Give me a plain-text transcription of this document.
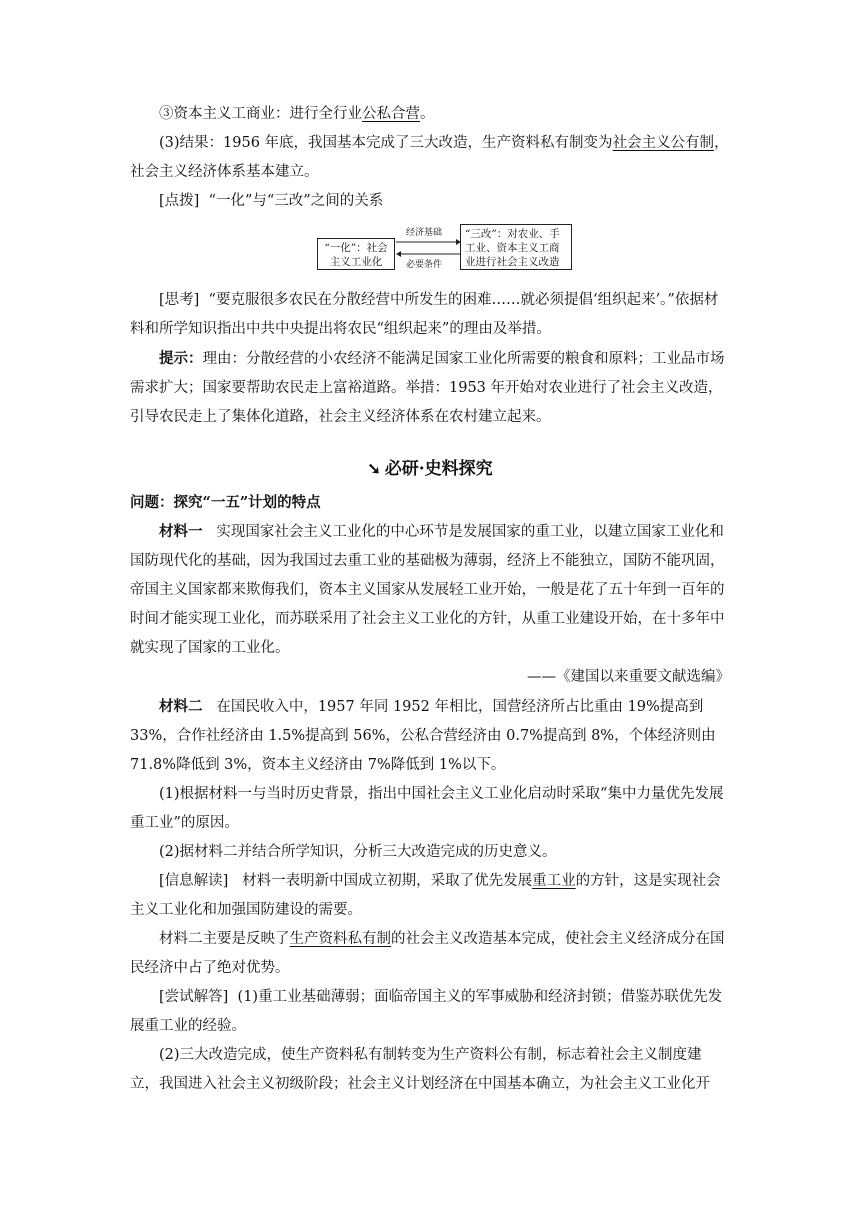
③资本主义工商业：进行全行业公私合营。

(3)结果：1956 年底，我国基本完成了三大改造，生产资料私有制变为社会主义公有制，社会主义经济体系基本建立。

[点拨] “一化”与“三改”之间的关系

“一化”：社会主义工业化
“三改”：对农业、手工业、资本主义工商业进行社会主义改造
经济基础
必要条件

[思考] “要克服很多农民在分散经营中所发生的困难……就必须提倡‘组织起来’。”依据材料和所学知识指出中共中央提出将农民“组织起来”的理由及举措。

提示：理由：分散经营的小农经济不能满足国家工业化所需要的粮食和原料；工业品市场需求扩大；国家要帮助农民走上富裕道路。举措：1953 年开始对农业进行了社会主义改造，引导农民走上了集体化道路，社会主义经济体系在农村建立起来。

➘ 必研·史料探究

问题：探究“一五”计划的特点

材料一 实现国家社会主义工业化的中心环节是发展国家的重工业，以建立国家工业化和国防现代化的基础，因为我国过去重工业的基础极为薄弱，经济上不能独立，国防不能巩固，帝国主义国家都来欺侮我们，资本主义国家从发展轻工业开始，一般是花了五十年到一百年的时间才能实现工业化，而苏联采用了社会主义工业化的方针，从重工业建设开始，在十多年中就实现了国家的工业化。

——《建国以来重要文献选编》

材料二 在国民收入中，1957 年同 1952 年相比，国营经济所占比重由 19%提高到 33%，合作社经济由 1.5%提高到 56%，公私合营经济由 0.7%提高到 8%，个体经济则由 71.8%降低到 3%，资本主义经济由 7%降低到 1%以下。

(1)根据材料一与当时历史背景，指出中国社会主义工业化启动时采取“集中力量优先发展重工业”的原因。

(2)据材料二并结合所学知识，分析三大改造完成的历史意义。

[信息解读] 材料一表明新中国成立初期，采取了优先发展重工业的方针，这是实现社会主义工业化和加强国防建设的需要。

材料二主要是反映了生产资料私有制的社会主义改造基本完成，使社会主义经济成分在国民经济中占了绝对优势。

[尝试解答] (1)重工业基础薄弱；面临帝国主义的军事威胁和经济封锁；借鉴苏联优先发展重工业的经验。

(2)三大改造完成，使生产资料私有制转变为生产资料公有制，标志着社会主义制度建立，我国进入社会主义初级阶段；社会主义计划经济在中国基本确立，为社会主义工业化开
